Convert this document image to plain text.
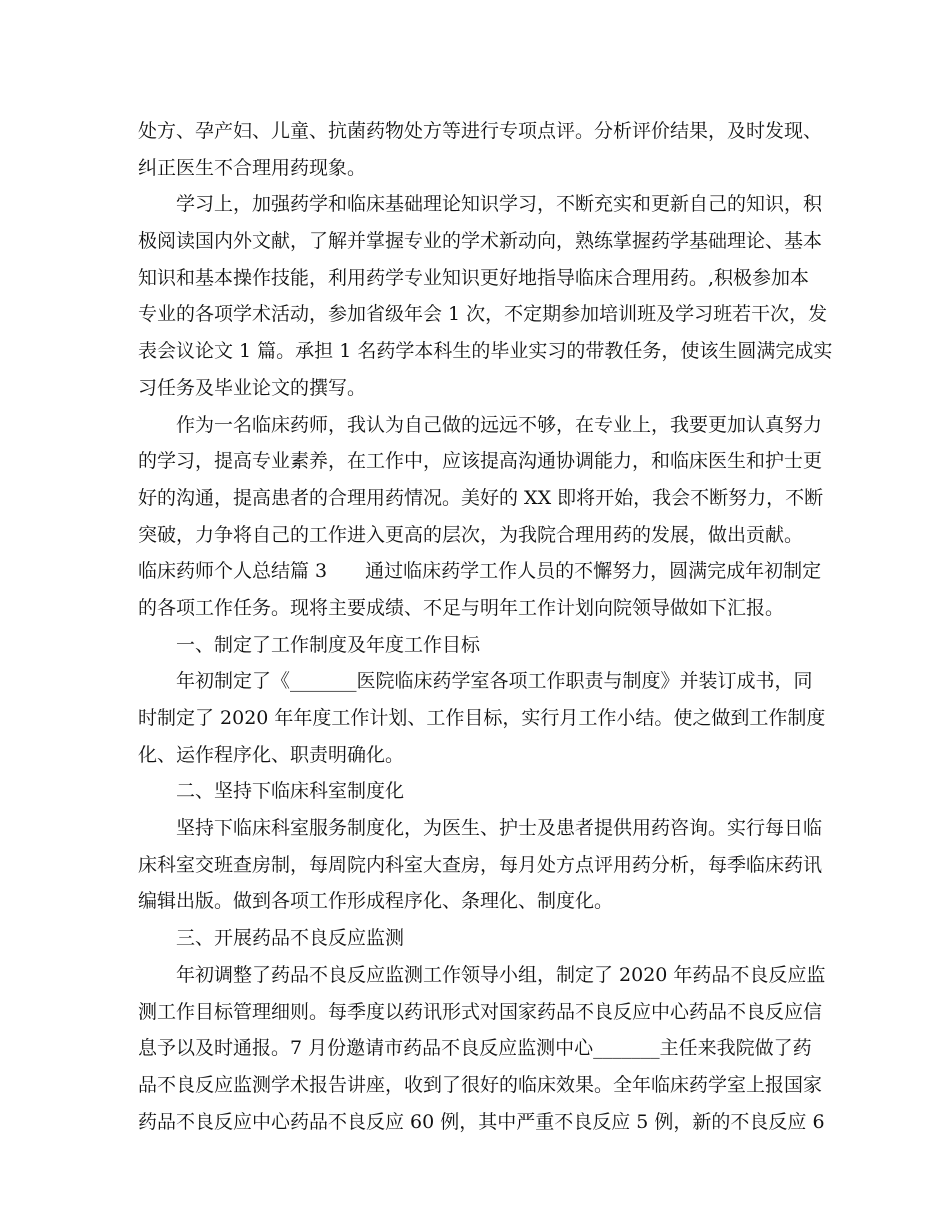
处方、孕产妇、儿童、抗菌药物处方等进行专项点评。分析评价结果，及时发现、
纠正医生不合理用药现象。
学习上，加强药学和临床基础理论知识学习，不断充实和更新自己的知识，积
极阅读国内外文献，了解并掌握专业的学术新动向，熟练掌握药学基础理论、基本
知识和基本操作技能，利用药学专业知识更好地指导临床合理用药。,积极参加本
专业的各项学术活动，参加省级年会 1 次，不定期参加培训班及学习班若干次，发
表会议论文 1 篇。承担 1 名药学本科生的毕业实习的带教任务，使该生圆满完成实
习任务及毕业论文的撰写。
作为一名临床药师，我认为自己做的远远不够，在专业上，我要更加认真努力
的学习，提高专业素养，在工作中，应该提高沟通协调能力，和临床医生和护士更
好的沟通，提高患者的合理用药情况。美好的 XX 即将开始，我会不断努力，不断
突破，力争将自己的工作进入更高的层次，为我院合理用药的发展，做出贡献。
临床药师个人总结篇 3　　通过临床药学工作人员的不懈努力，圆满完成年初制定
的各项工作任务。现将主要成绩、不足与明年工作计划向院领导做如下汇报。
一、制定了工作制度及年度工作目标
年初制定了《_______医院临床药学室各项工作职责与制度》并装订成书，同
时制定了 2020 年年度工作计划、工作目标，实行月工作小结。使之做到工作制度
化、运作程序化、职责明确化。
二、坚持下临床科室制度化
坚持下临床科室服务制度化，为医生、护士及患者提供用药咨询。实行每日临
床科室交班查房制，每周院内科室大查房，每月处方点评用药分析，每季临床药讯
编辑出版。做到各项工作形成程序化、条理化、制度化。
三、开展药品不良反应监测
年初调整了药品不良反应监测工作领导小组，制定了 2020 年药品不良反应监
测工作目标管理细则。每季度以药讯形式对国家药品不良反应中心药品不良反应信
息予以及时通报。7 月份邀请市药品不良反应监测中心_______主任来我院做了药
品不良反应监测学术报告讲座，收到了很好的临床效果。全年临床药学室上报国家
药品不良反应中心药品不良反应 60 例，其中严重不良反应 5 例，新的不良反应 6
